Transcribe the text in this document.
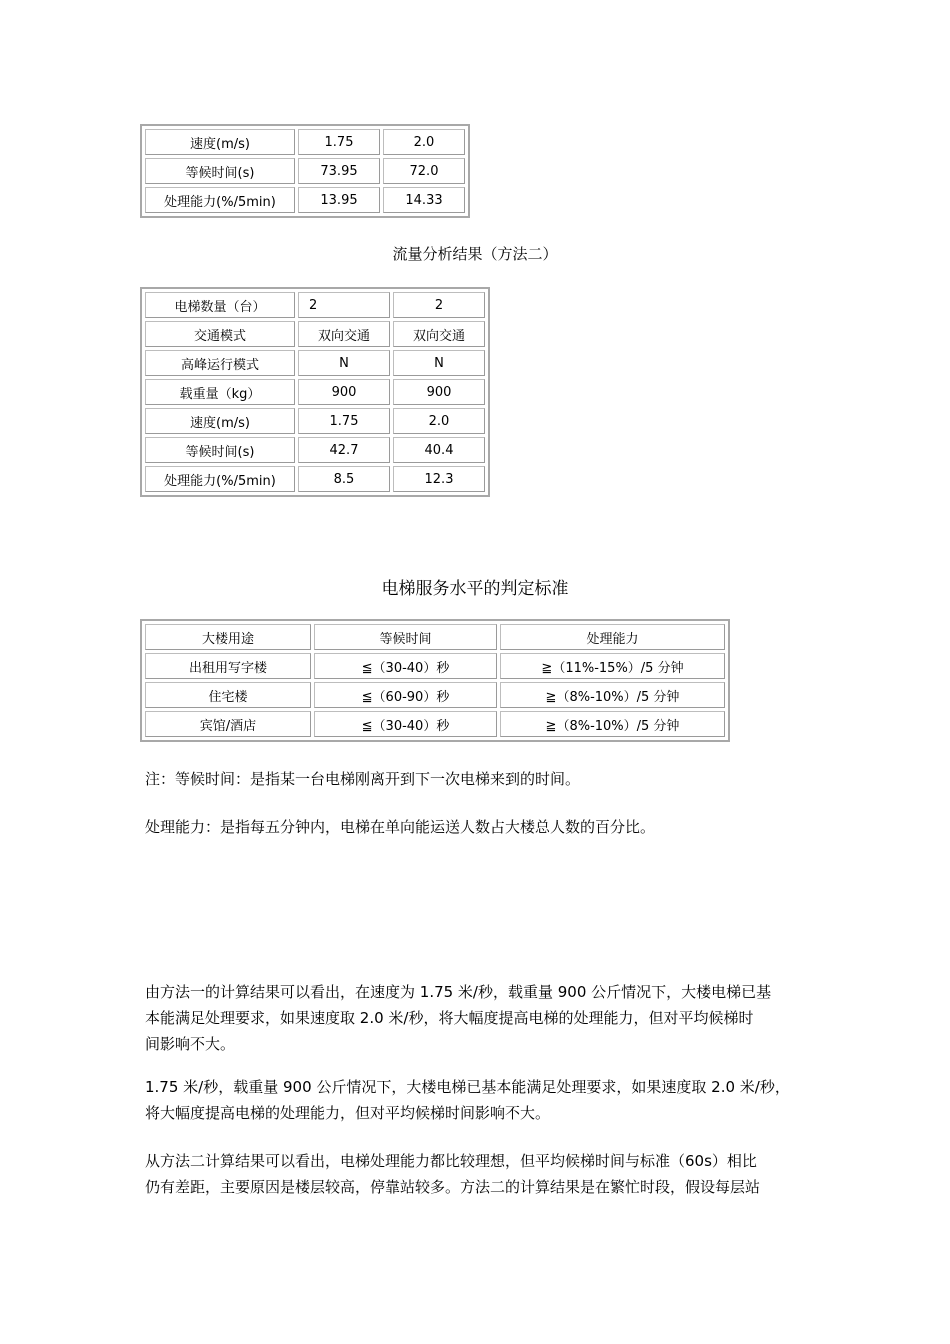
速度(m/s)	1.75	2.0
等候时间(s)	73.95	72.0
处理能力(%/5min)	13.95	14.33
流量分析结果（方法二）
电梯数量（台）	2	2
交通模式	双向交通	双向交通
高峰运行模式	N	N
载重量（kg）	900	900
速度(m/s)	1.75	2.0
等候时间(s)	42.7	40.4
处理能力(%/5min)	8.5	12.3
电梯服务水平的判定标准
大楼用途	等候时间	处理能力
出租用写字楼	≦（30-40）秒	≧（11%-15%）/5 分钟
住宅楼	≦（60-90）秒	≧（8%-10%）/5 分钟
宾馆/酒店	≦（30-40）秒	≧（8%-10%）/5 分钟

注：等候时间：是指某一台电梯刚离开到下一次电梯来到的时间。

处理能力：是指每五分钟内，电梯在单向能运送人数占大楼总人数的百分比。

由方法一的计算结果可以看出，在速度为 1.75 米/秒，载重量 900 公斤情况下，大楼电梯已基
本能满足处理要求，如果速度取 2.0 米/秒，将大幅度提高电梯的处理能力，但对平均候梯时
间影响不大。

1.75 米/秒，载重量 900 公斤情况下，大楼电梯已基本能满足处理要求，如果速度取 2.0 米/秒，
将大幅度提高电梯的处理能力，但对平均候梯时间影响不大。

从方法二计算结果可以看出，电梯处理能力都比较理想，但平均候梯时间与标准（60s）相比
仍有差距，主要原因是楼层较高，停靠站较多。方法二的计算结果是在繁忙时段，假设每层站
